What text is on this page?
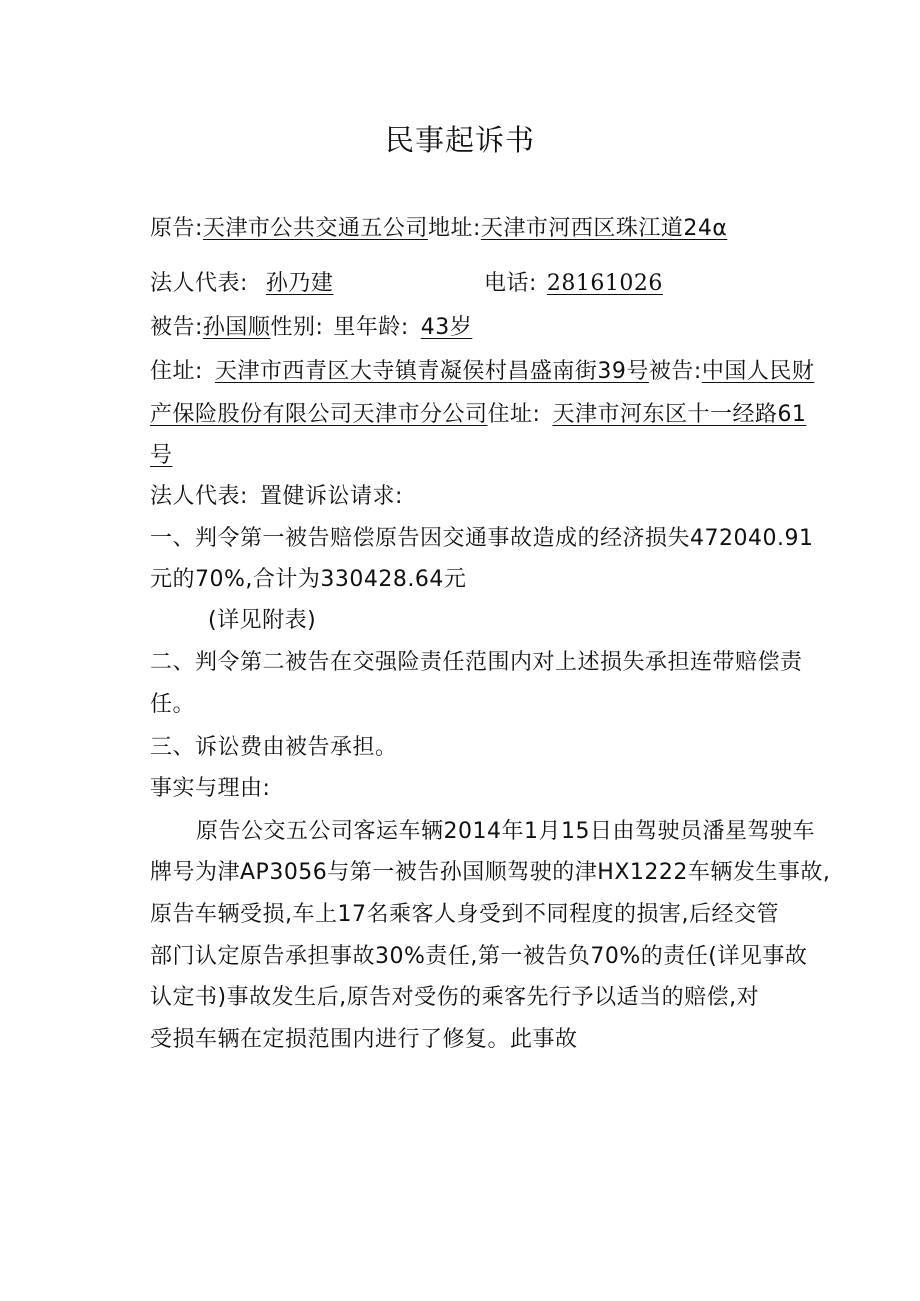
民事起诉书
原告:天津市公共交通五公司地址:天津市河西区珠江道24α
法人代表: 孙乃建	电话: 28161026
被告:孙国顺性别: 里年龄: 43岁
住址: 天津市西青区大寺镇青凝侯村昌盛南街39号被告:中国人民财
产保险股份有限公司天津市分公司住址: 天津市河东区十一经路61
号
法人代表: 置健诉讼请求:
一、判令第一被告赔偿原告因交通事故造成的经济损失472040.91
元的70%,合计为330428.64元
(详见附表)
二、判令第二被告在交强险责任范围内对上述损失承担连带赔偿责
任。
三、诉讼费由被告承担。
事实与理由:
原告公交五公司客运车辆2014年1月15日由驾驶员潘星驾驶车
牌号为津AP3056与第一被告孙国顺驾驶的津HX1222车辆发生事故,
原告车辆受损,车上17名乘客人身受到不同程度的损害,后经交管
部门认定原告承担事故30%责任,第一被告负70%的责任(详见事故
认定书)事故发生后,原告对受伤的乘客先行予以适当的赔偿,对
受损车辆在定损范围内进行了修复。此事故
